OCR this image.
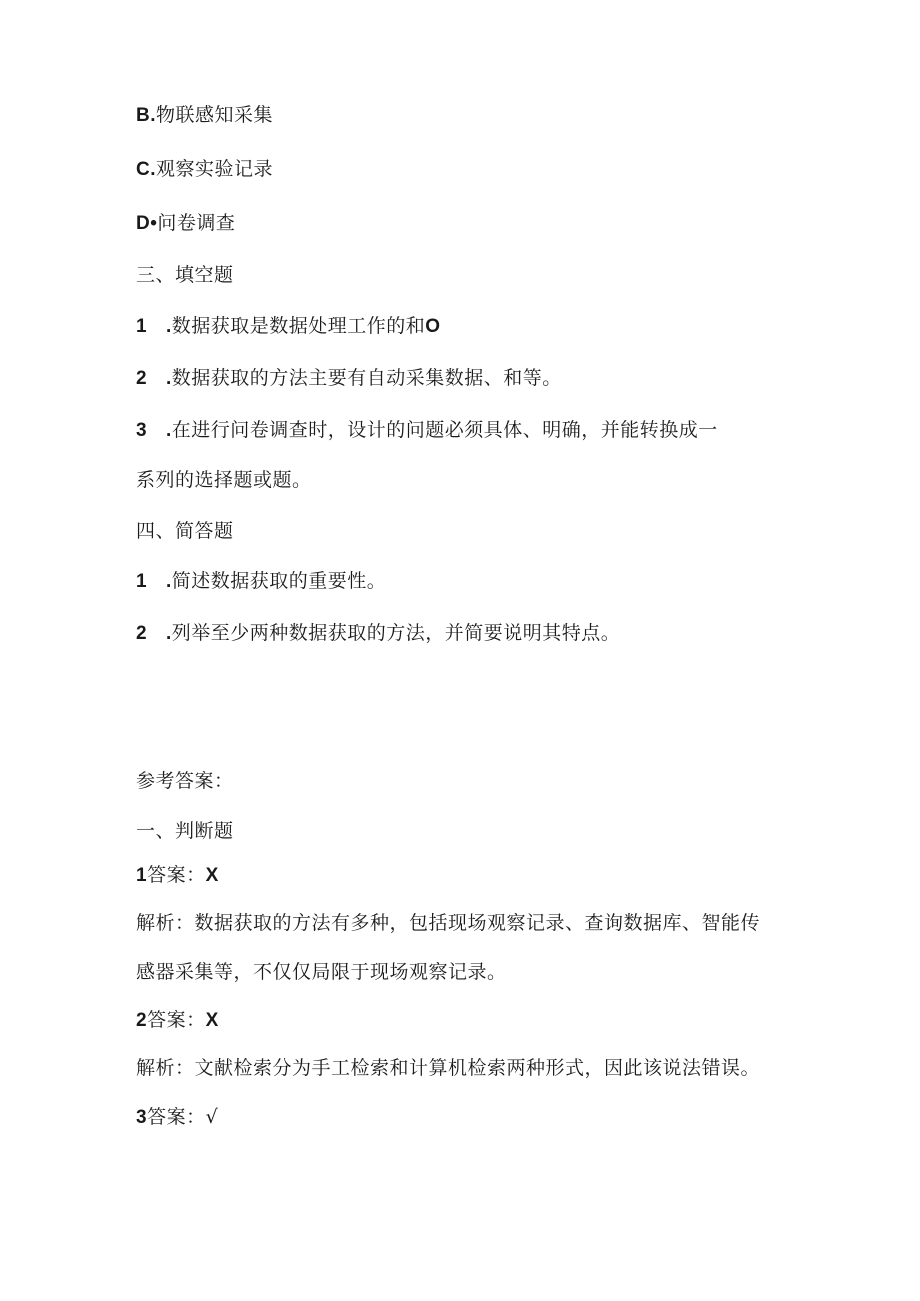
B.物联感知采集
C.观察实验记录
D•问卷调查
三、填空题
1 .数据获取是数据处理工作的和O
2 .数据获取的方法主要有自动采集数据、和等。
3 .在进行问卷调查时，设计的问题必须具体、明确，并能转换成一
系列的选择题或题。
四、简答题
1 .简述数据获取的重要性。
2 .列举至少两种数据获取的方法，并简要说明其特点。
参考答案：
一、判断题
1答案：X
解析：数据获取的方法有多种，包括现场观察记录、查询数据库、智能传
感器采集等，不仅仅局限于现场观察记录。
2答案：X
解析：文献检索分为手工检索和计算机检索两种形式，因此该说法错误。
3答案：√
